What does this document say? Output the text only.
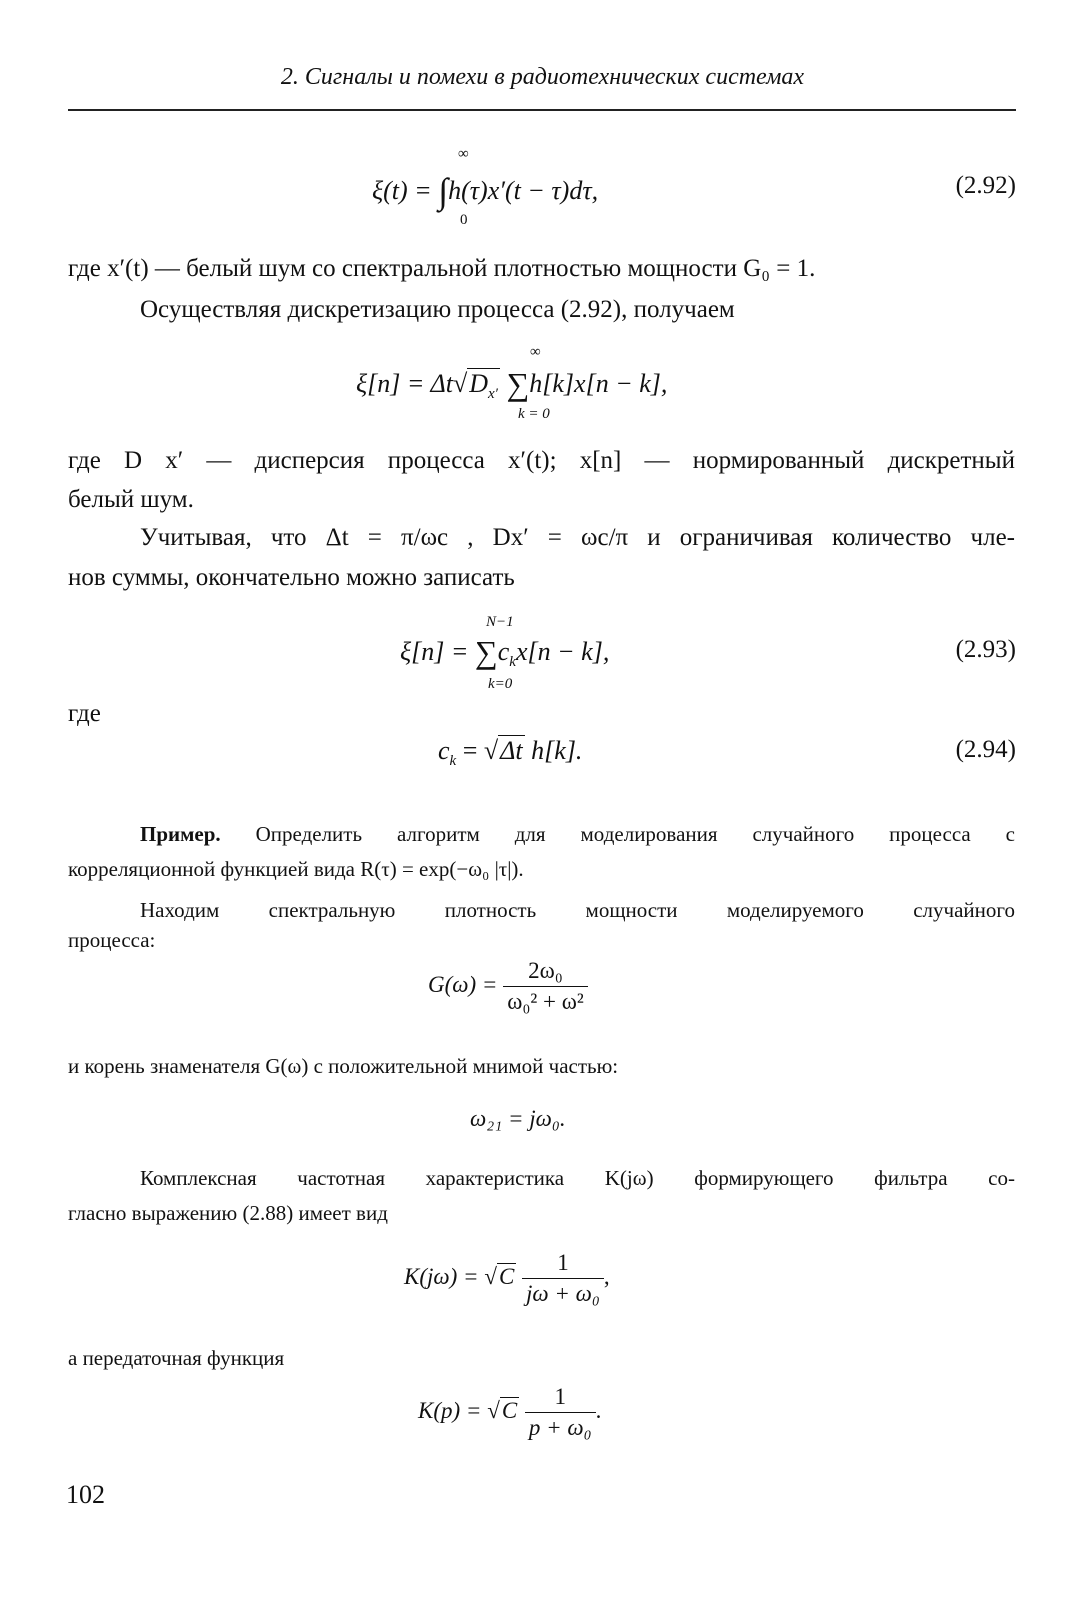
2. Сигналы и помехи в радиотехнических системах
ξ(t) = ∫h(τ)x′(t − τ)dτ,
∞
0
(2.92)
где x′(t) — белый шум со спектральной плотностью мощности G₀ = 1.
Осуществляя дискретизацию процесса (2.92), получаем
$\xi[n] = \Delta t√D_{x'}$ ∑h[k]x[n − k],
∞
k = 0
где D x′ — дисперсия процесса x′(t); x[n] — нормированный дискретный
белый шум.
Учитывая, что Δt = π/ωс , Dx′ = ωс/π и ограничивая количество чле-
нов суммы, окончательно можно записать
$\xi[n] = \sum c_kx[n - k]$,
N−1
k=0
(2.93)
где
$c_k = √\Delta t$ h[k].	(2.94)
Пример. Определить алгоритм для моделирования случайного процесса с
корреляционной функцией вида R(τ) = exp(−ω₀ |τ|).
Находим спектральную плотность мощности моделируемого случайного
процесса:
$G(\omega) = \frac{\text{2ω₀}}{\text{ω₀² + ω²}}$
и корень знаменателя G(ω) с положительной мнимой частью:
ω₂₁ = jω₀.
Комплексная частотная характеристика K(jω) формирующего фильтра со-
гласно выражению (2.88) имеет вид
$K(j\omega) = √C \frac{1}{\text{jω + ω₀}}$ ,
а передаточная функция
$K(p) = √C \frac{1}{\text{p + ω₀}}$ .
102
